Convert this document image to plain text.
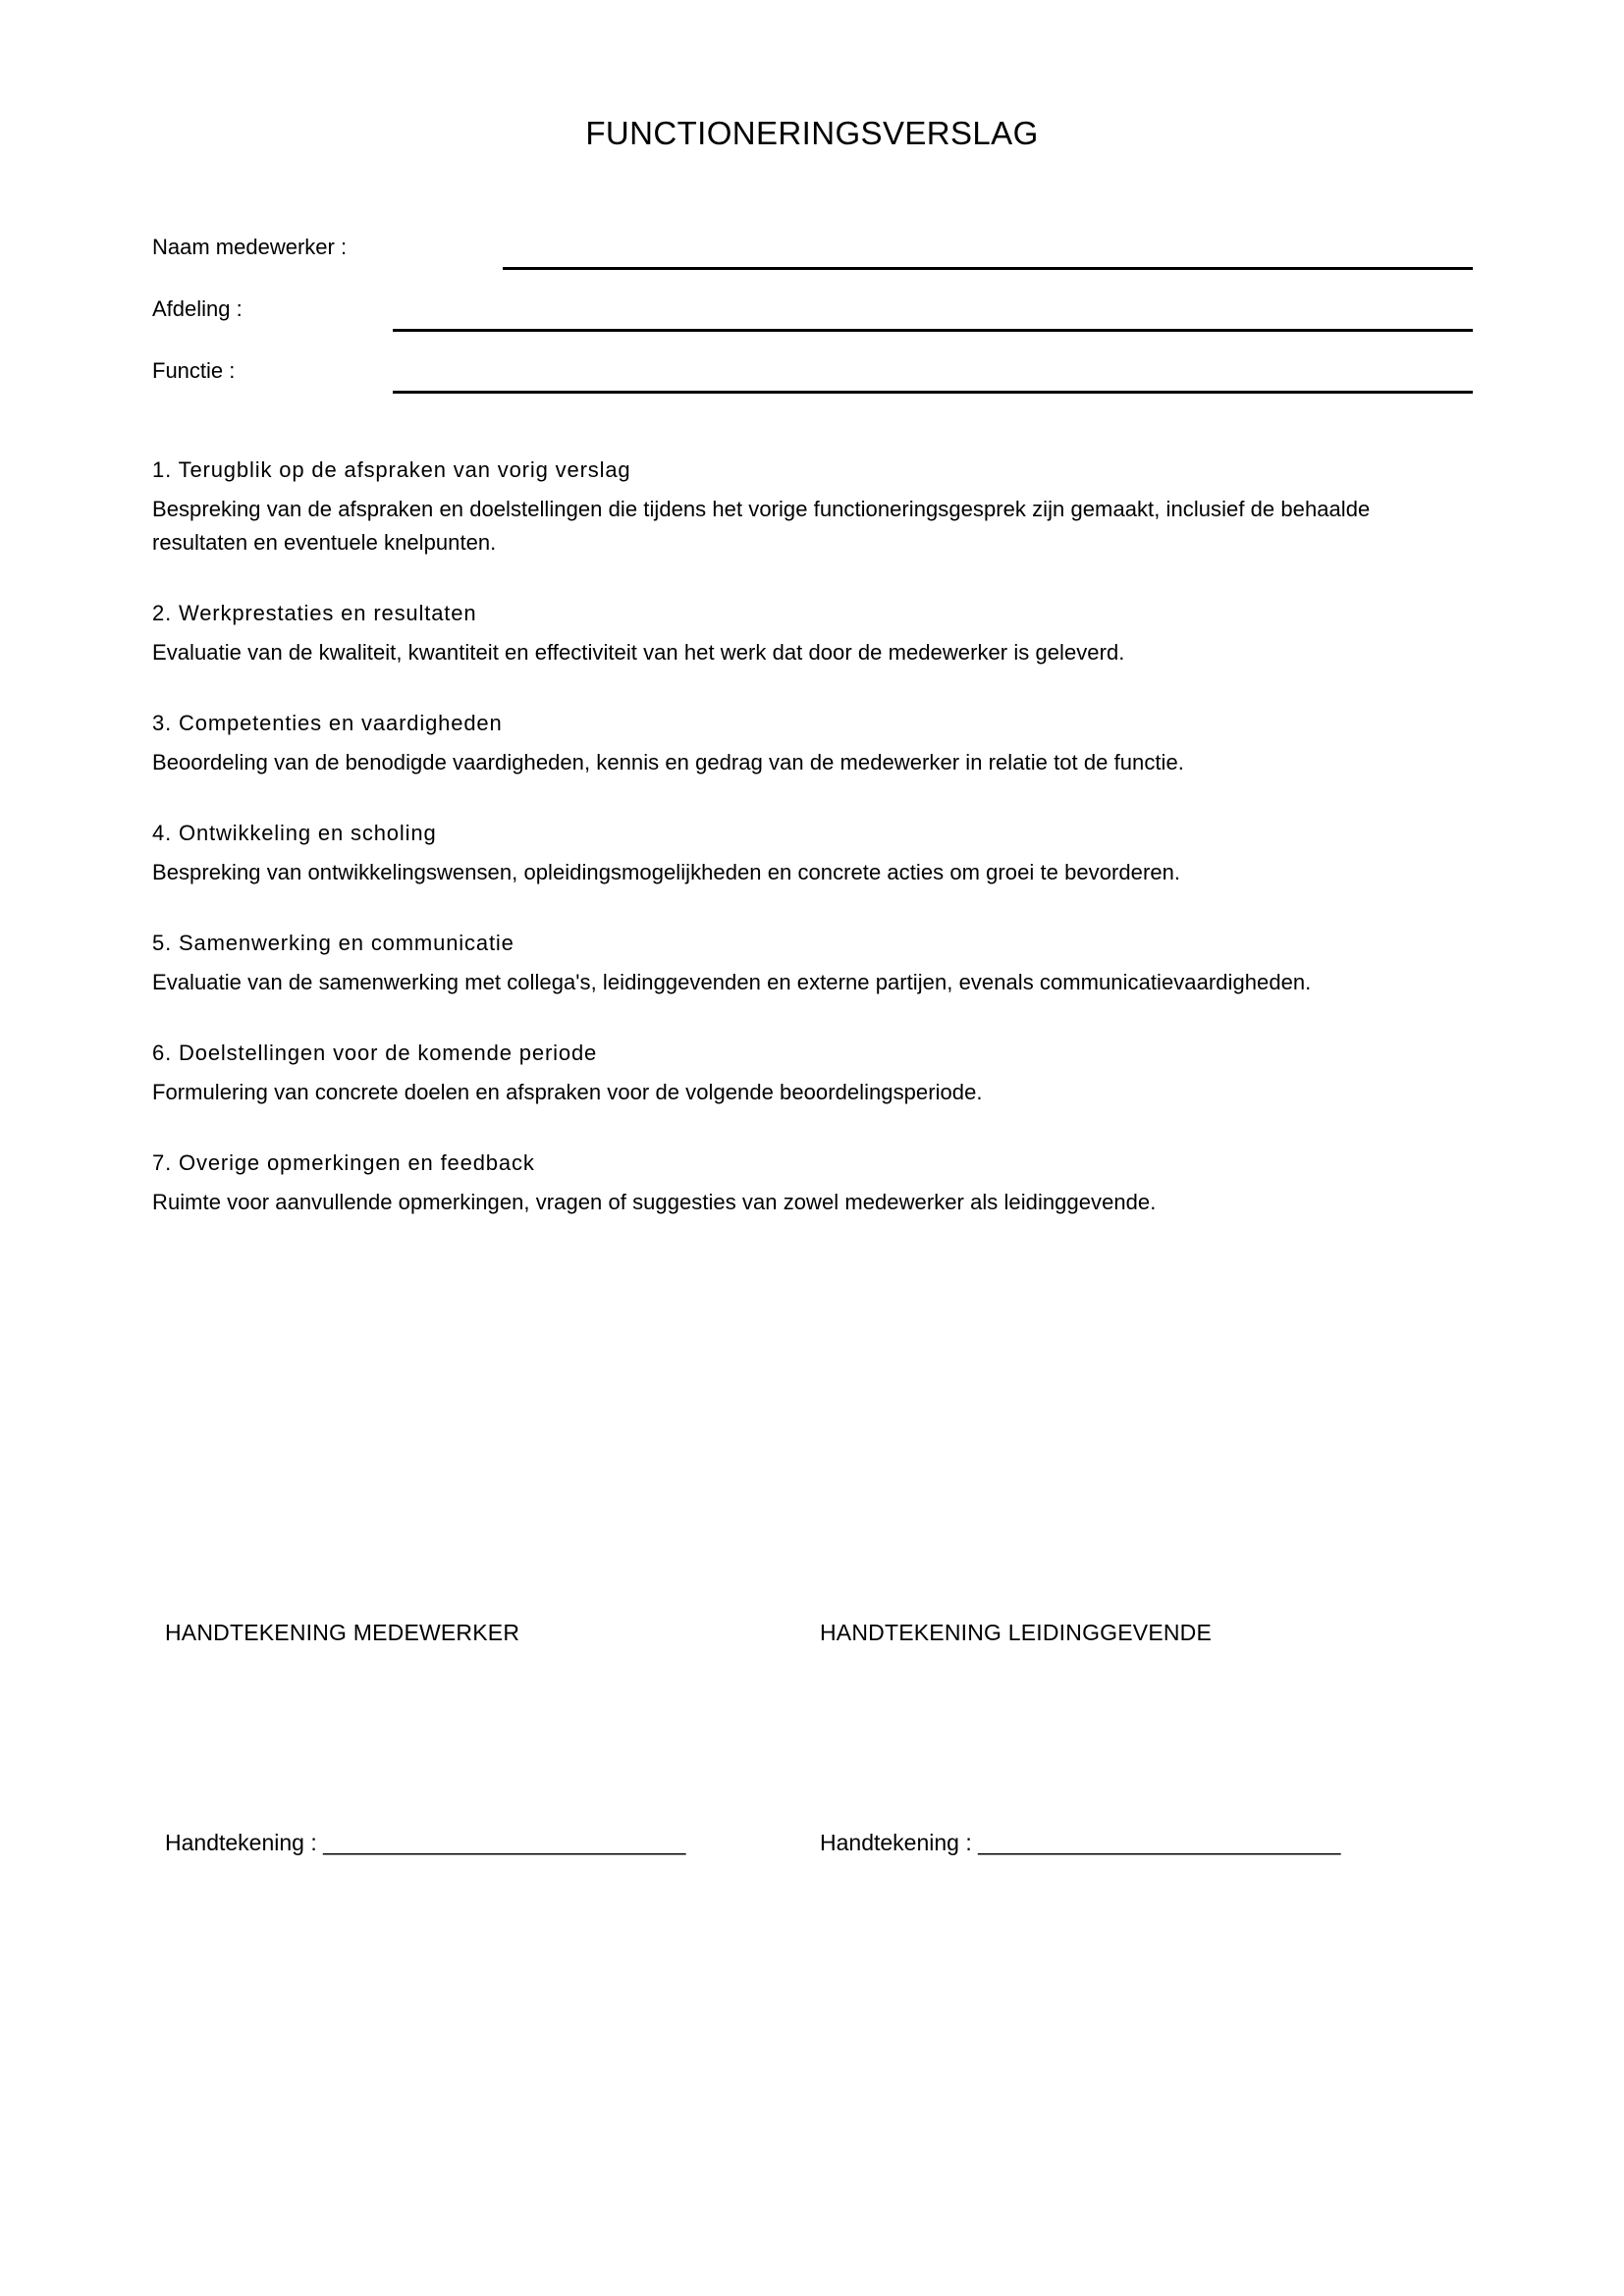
FUNCTIONERINGSVERSLAG
Naam medewerker :
Afdeling :
Functie :

1. Terugblik op de afspraken van vorig verslag

Bespreking van de afspraken en doelstellingen die tijdens het vorige functioneringsgesprek zijn gemaakt, inclusief de behaalde resultaten en eventuele knelpunten.

2. Werkprestaties en resultaten

Evaluatie van de kwaliteit, kwantiteit en effectiviteit van het werk dat door de medewerker is geleverd.

3. Competenties en vaardigheden

Beoordeling van de benodigde vaardigheden, kennis en gedrag van de medewerker in relatie tot de functie.

4. Ontwikkeling en scholing

Bespreking van ontwikkelingswensen, opleidingsmogelijkheden en concrete acties om groei te bevorderen.

5. Samenwerking en communicatie

Evaluatie van de samenwerking met collega's, leidinggevenden en externe partijen, evenals communicatievaardigheden.

6. Doelstellingen voor de komende periode

Formulering van concrete doelen en afspraken voor de volgende beoordelingsperiode.

7. Overige opmerkingen en feedback

Ruimte voor aanvullende opmerkingen, vragen of suggesties van zowel medewerker als leidinggevende.

HANDTEKENING MEDEWERKER	HANDTEKENING LEIDINGGEVENDE
Handtekening : ______________________________	Handtekening : ______________________________
